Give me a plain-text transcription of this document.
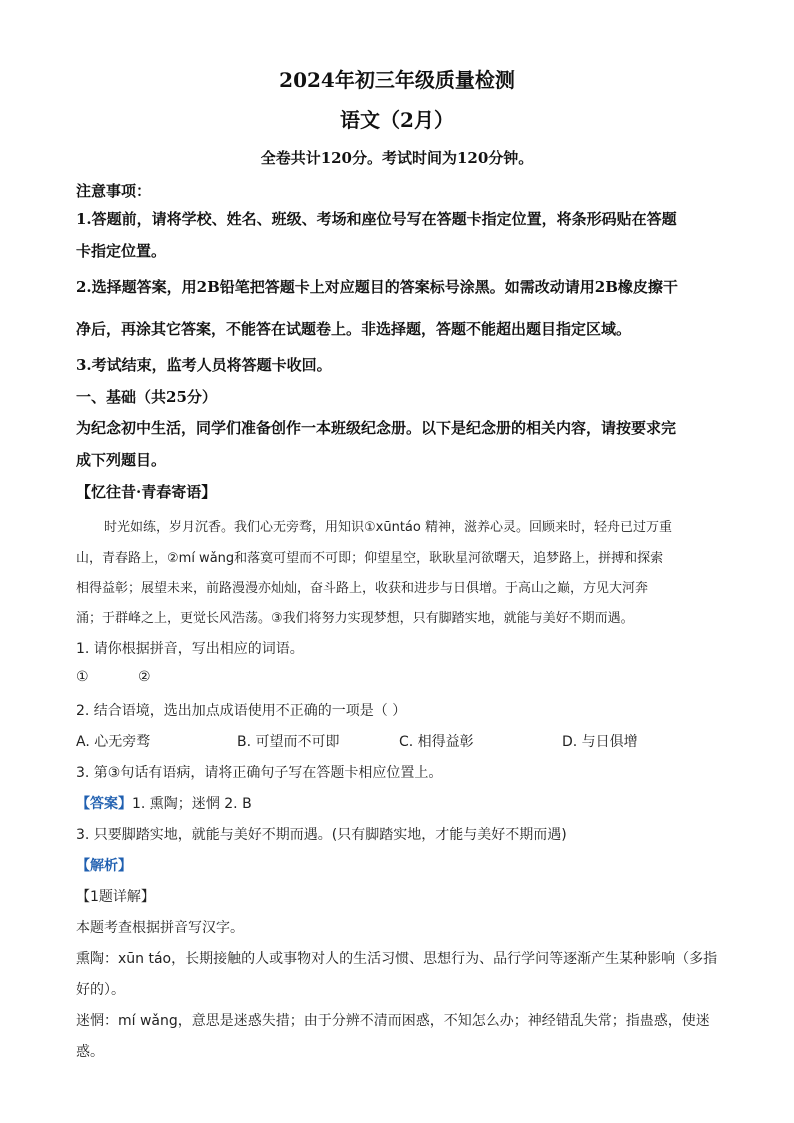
2024年初三年级质量检测
语文（2月）
全卷共计120分。考试时间为120分钟。
注意事项：
1.答题前，请将学校、姓名、班级、考场和座位号写在答题卡指定位置，将条形码贴在答题
卡指定位置。
2.选择题答案，用2B铅笔把答题卡上对应题目的答案标号涂黑。如需改动请用2B橡皮擦干
净后，再涂其它答案，不能答在试题卷上。非选择题，答题不能超出题目指定区域。
3.考试结束，监考人员将答题卡收回。
一、基础（共25分）
为纪念初中生活，同学们准备创作一本班级纪念册。以下是纪念册的相关内容，请按要求完
成下列题目。
【忆往昔·青春寄语】
时光如练，岁月沉香。我们心无旁骛，用知识①xūntáo 精神，滋养心灵。回顾来时，轻舟已过万重
山，青春路上，②mí wǎng和落寞可望而不可即；仰望星空，耿耿星河欲曙天，追梦路上，拼搏和探索
相得益彰；展望未来，前路漫漫亦灿灿，奋斗路上，收获和进步与日俱增。于高山之巅，方见大河奔
涌；于群峰之上，更觉长风浩荡。③我们将努力实现梦想，只有脚踏实地，就能与美好不期而遇。
1. 请你根据拼音，写出相应的词语。
①	②
2. 结合语境，选出加点成语使用不正确的一项是（ ）
A. 心无旁骛	B. 可望而不可即	C. 相得益彰	D. 与日俱增
3. 第③句话有语病，请将正确句子写在答题卡相应位置上。
【答案】1. 熏陶；迷惘 2. B
3. 只要脚踏实地，就能与美好不期而遇。(只有脚踏实地，才能与美好不期而遇)
【解析】
【1题详解】
本题考查根据拼音写汉字。
熏陶：xūn táo，长期接触的人或事物对人的生活习惯、思想行为、品行学问等逐渐产生某种影响（多指
好的）。
迷惘：mí wǎng，意思是迷惑失措；由于分辨不清而困惑，不知怎么办；神经错乱失常；指蛊惑，使迷
惑。
